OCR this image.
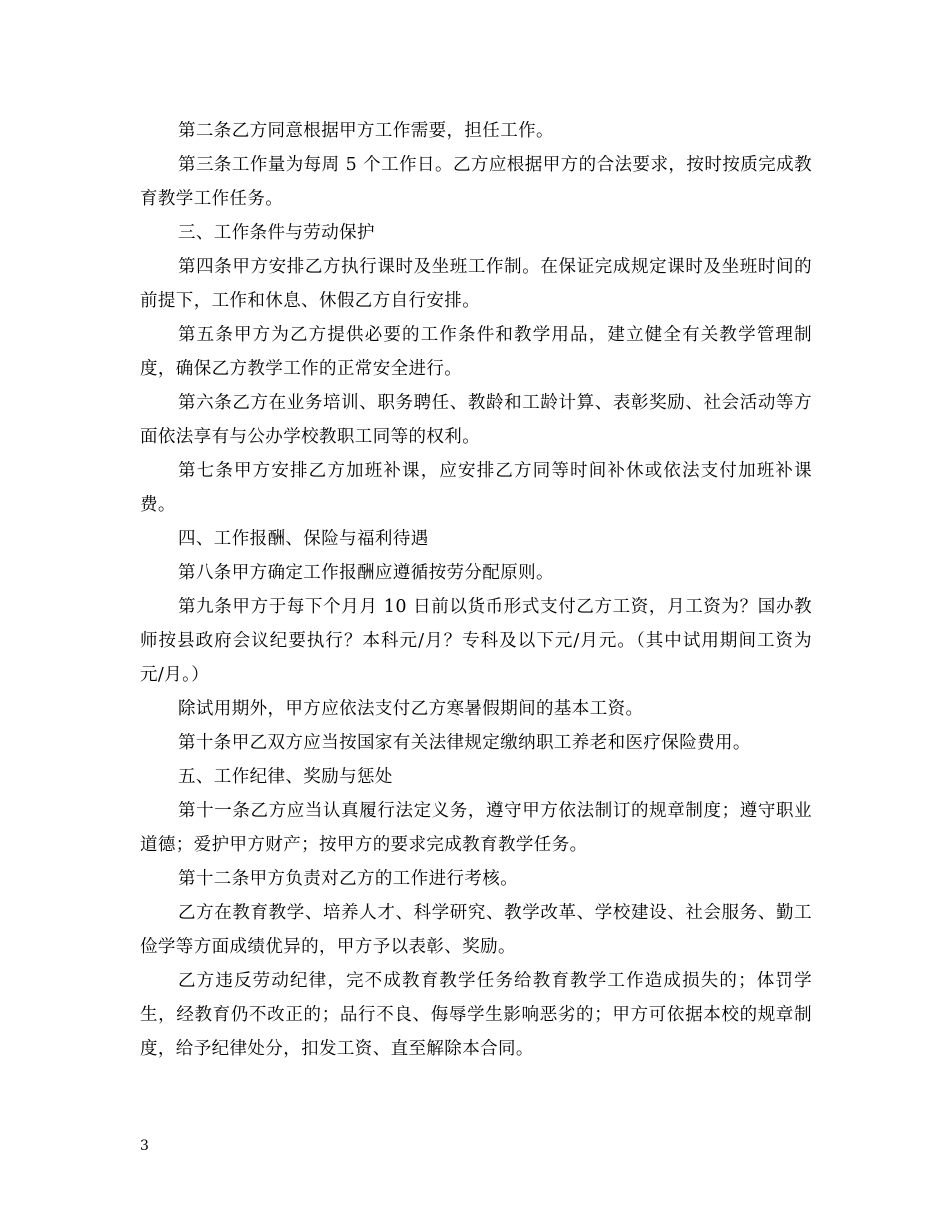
第二条乙方同意根据甲方工作需要，担任工作。

第三条工作量为每周 5 个工作日。乙方应根据甲方的合法要求，按时按质完成教育教学工作任务。

三、工作条件与劳动保护

第四条甲方安排乙方执行课时及坐班工作制。在保证完成规定课时及坐班时间的前提下，工作和休息、休假乙方自行安排。

第五条甲方为乙方提供必要的工作条件和教学用品，建立健全有关教学管理制度，确保乙方教学工作的正常安全进行。

第六条乙方在业务培训、职务聘任、教龄和工龄计算、表彰奖励、社会活动等方面依法享有与公办学校教职工同等的权利。

第七条甲方安排乙方加班补课，应安排乙方同等时间补休或依法支付加班补课费。

四、工作报酬、保险与福利待遇

第八条甲方确定工作报酬应遵循按劳分配原则。

第九条甲方于每下个月月 10 日前以货币形式支付乙方工资，月工资为？国办教师按县政府会议纪要执行？本科元/月？专科及以下元/月元。（其中试用期间工资为元/月。）

除试用期外，甲方应依法支付乙方寒暑假期间的基本工资。

第十条甲乙双方应当按国家有关法律规定缴纳职工养老和医疗保险费用。

五、工作纪律、奖励与惩处

第十一条乙方应当认真履行法定义务，遵守甲方依法制订的规章制度；遵守职业道德；爱护甲方财产；按甲方的要求完成教育教学任务。

第十二条甲方负责对乙方的工作进行考核。

乙方在教育教学、培养人才、科学研究、教学改革、学校建设、社会服务、勤工俭学等方面成绩优异的，甲方予以表彰、奖励。

乙方违反劳动纪律，完不成教育教学任务给教育教学工作造成损失的；体罚学生，经教育仍不改正的；品行不良、侮辱学生影响恶劣的；甲方可依据本校的规章制度，给予纪律处分，扣发工资、直至解除本合同。

3
